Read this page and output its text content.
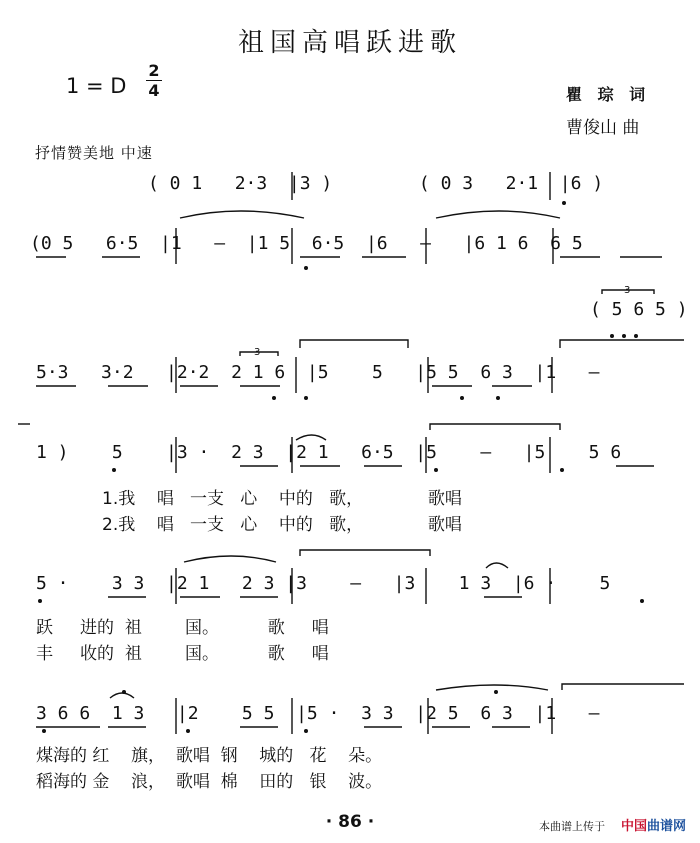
祖国高唱跃进歌
1 = D
2
4	瞿 琮 词
曹俊山 曲
抒情赞美地 中速
( 0 1   2·3  |3 )        ( 0 3   2·1  |6 )
(0 5   6·5  |1   —  |1 5  6·5  |6   —   |6 1 6  6 5
( 5 6 5 )
5·3   3·2   |2·2  2 1 6  |5    5   |5 5  6 3  |1   —
1 )    5    |3 ·  2 3  |2 1   6·5  |5    —   |5    5 6
1.我    唱   一支   心    中的   歌，            歌唱
2.我    唱   一支   心    中的   歌，            歌唱
5 ·    3 3  |2 1   2 3 |3    —   |3    1 3  |6 ·    5
跃     进的  祖        国。         歌     唱
丰     收的  祖        国。         歌     唱
3 6 6  1 3   |2    5 5  |5 ·  3 3  |2 5  6 3  |1   —
煤海的 红    旗，  歌唱  钢    城的   花    朵。
稻海的 金    浪，  歌唱  棉    田的   银    波。
3
3
· 86 ·	本曲谱上传于 中国曲谱网
